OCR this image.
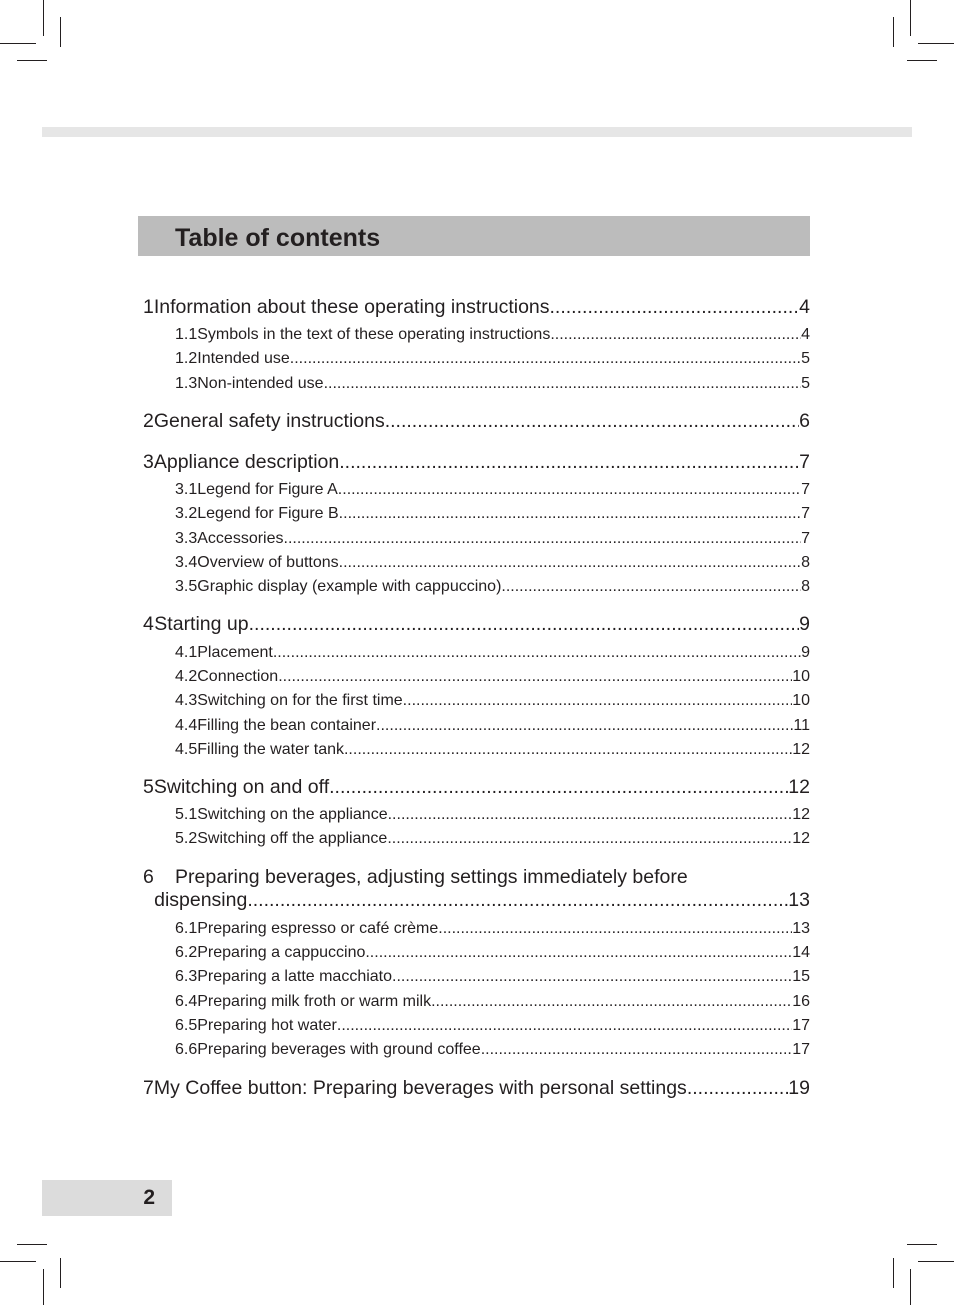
Table of contents
1 Information about these operating instructions .....	4
1.1 Symbols in the text of these operating instructions .....	4
1.2 Intended use .....	5
1.3 Non-intended use .....	5
2 General safety instructions .....	6
3 Appliance description .....	7
3.1 Legend for Figure A .....	7
3.2 Legend for Figure B .....	7
3.3 Accessories .....	7
3.4 Overview of buttons .....	8
3.5 Graphic display (example with cappuccino) .....	8
4 Starting up .....	9
4.1 Placement .....	9
4.2 Connection .....	10
4.3 Switching on for the first time .....	10
4.4 Filling the bean container .....	11
4.5 Filling the water tank .....	12
5 Switching on and off .....	12
5.1 Switching on the appliance .....	12
5.2 Switching off the appliance .....	12
6	Preparing beverages, adjusting settings immediately before
dispensing .....	13
6.1 Preparing espresso or café crème .....	13
6.2 Preparing a cappuccino .....	14
6.3 Preparing a latte macchiato .....	15
6.4 Preparing milk froth or warm milk .....	16
6.5 Preparing hot water .....	17
6.6 Preparing beverages with ground coffee .....	17
7 My Coffee button: Preparing beverages with personal settings .....	19
2
